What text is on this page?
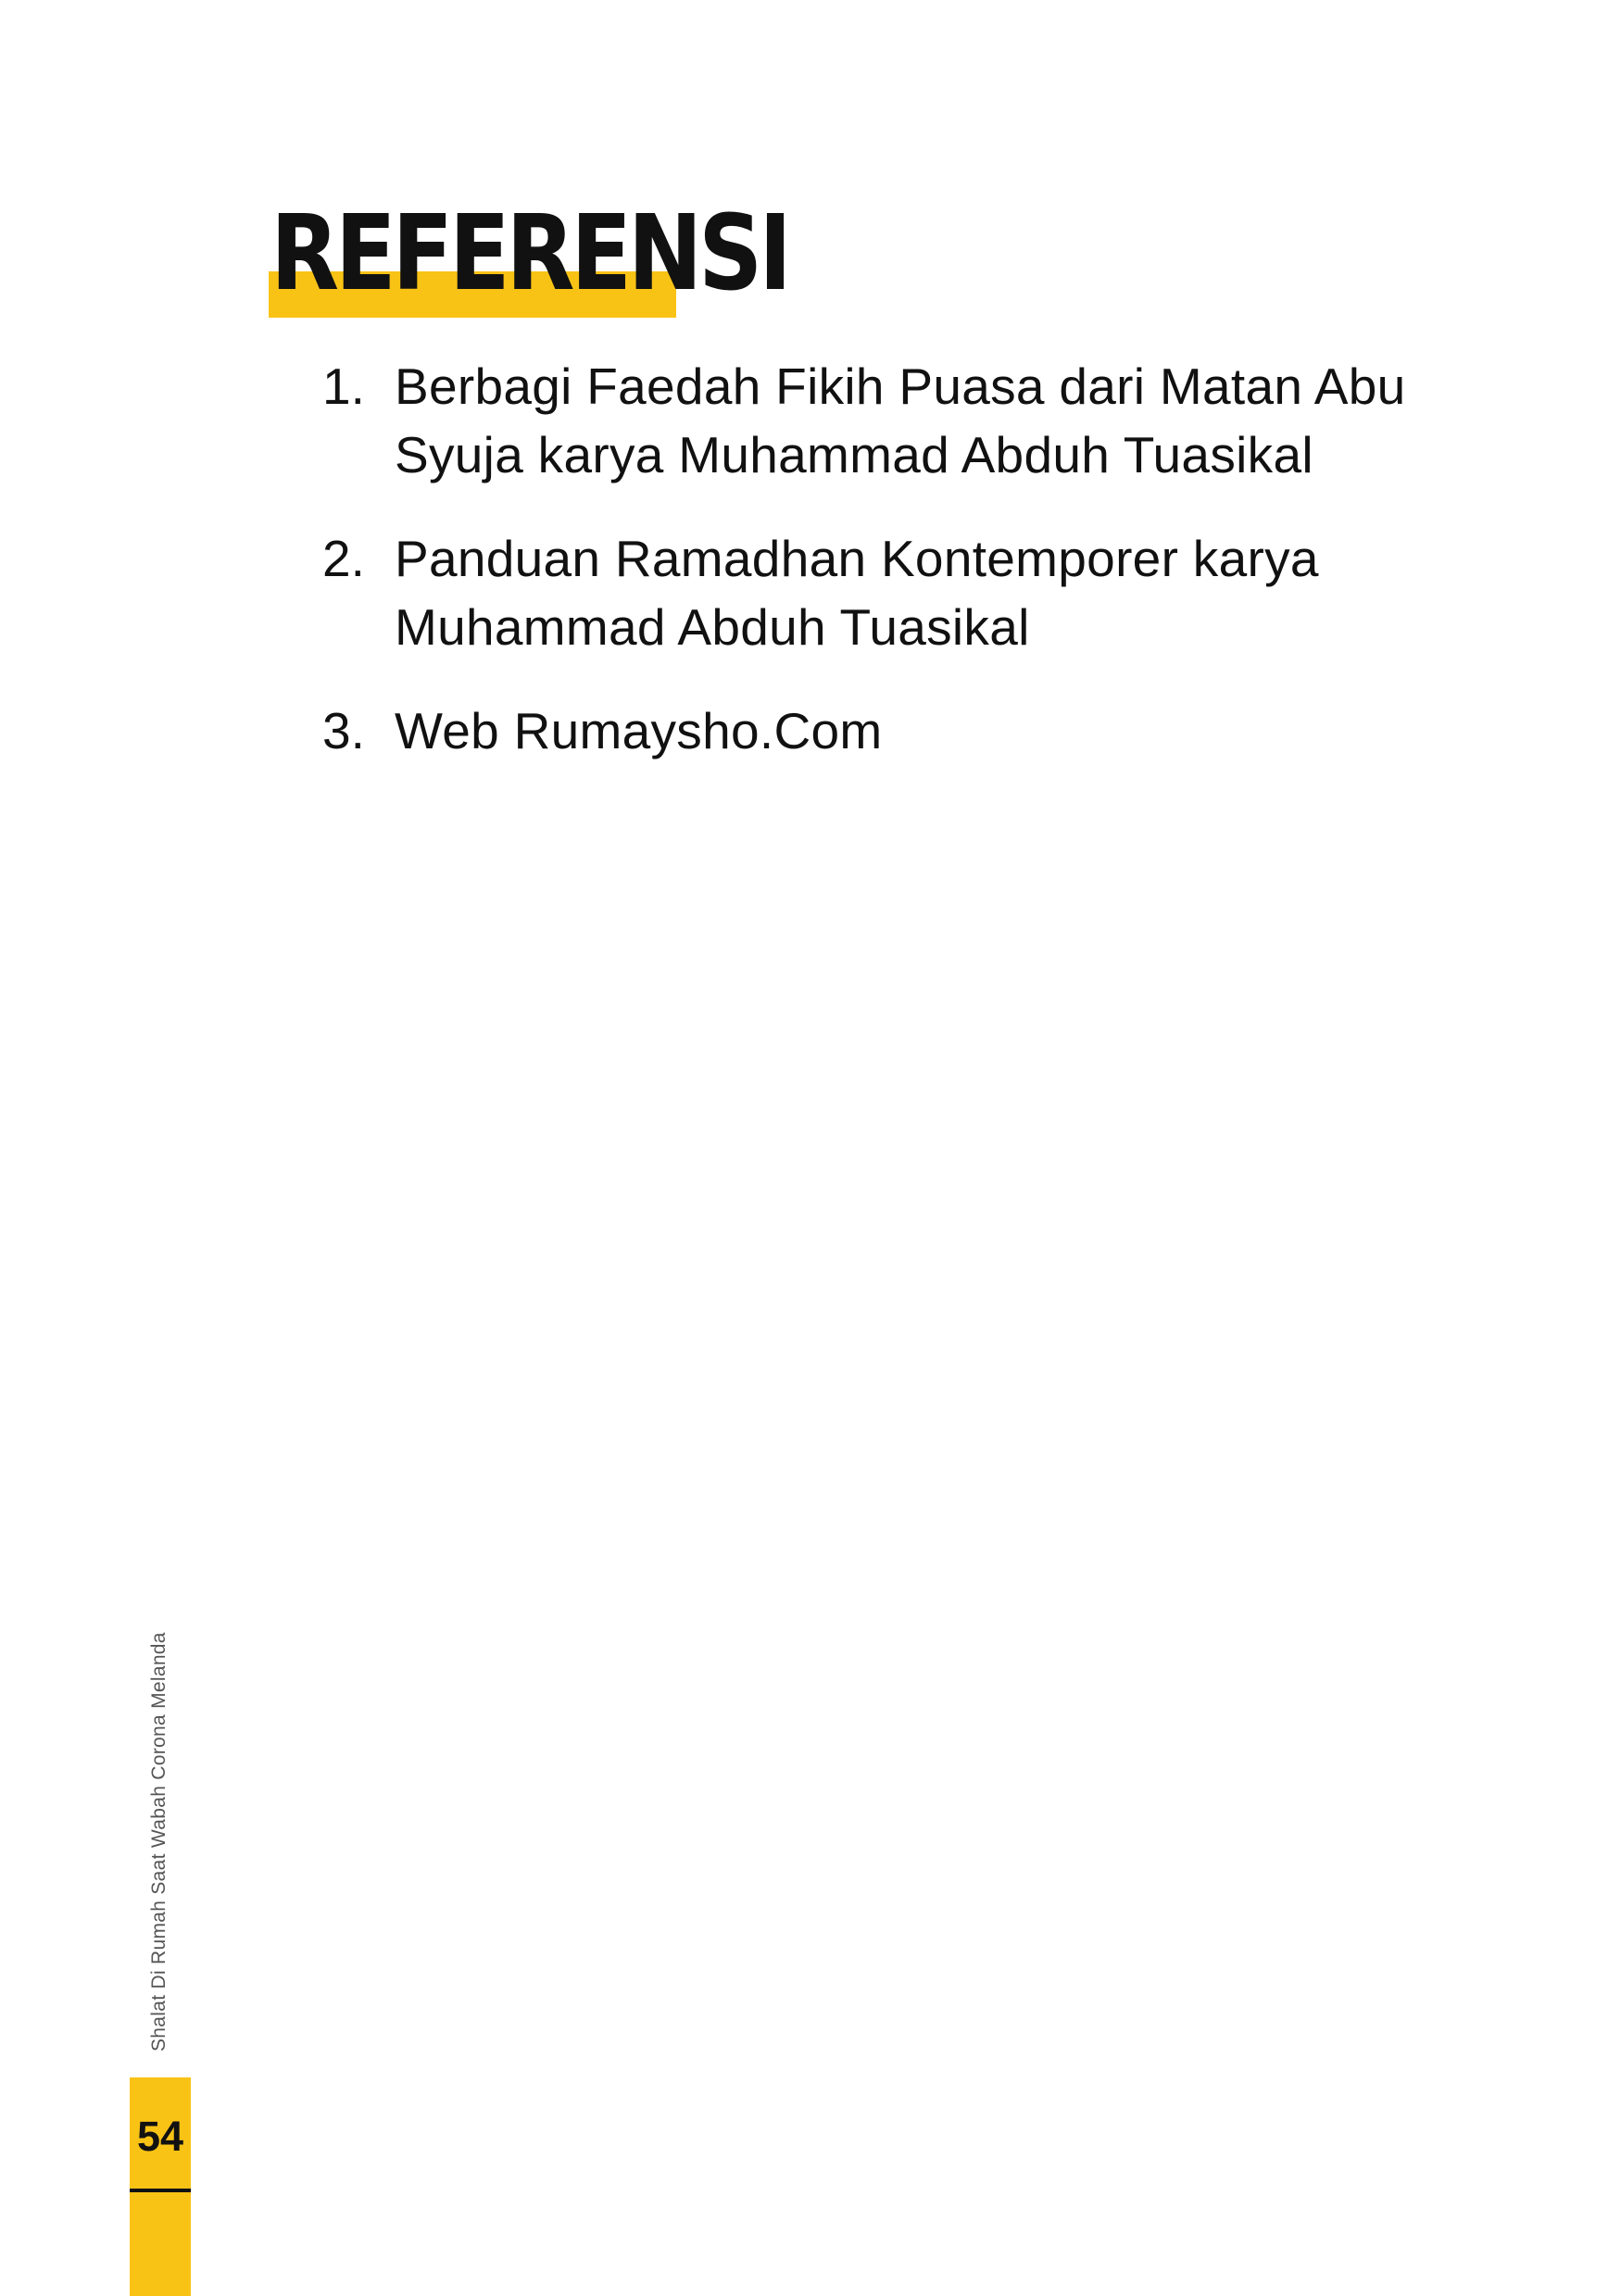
REFERENSI
1. Berbagi Faedah Fikih Puasa dari Matan Abu Syuja karya Muhammad Abduh Tuasikal
2. Panduan Ramadhan Kontemporer karya Muhammad Abduh Tuasikal
3. Web Rumaysho.Com
Shalat Di Rumah Saat Wabah Corona Melanda
54
